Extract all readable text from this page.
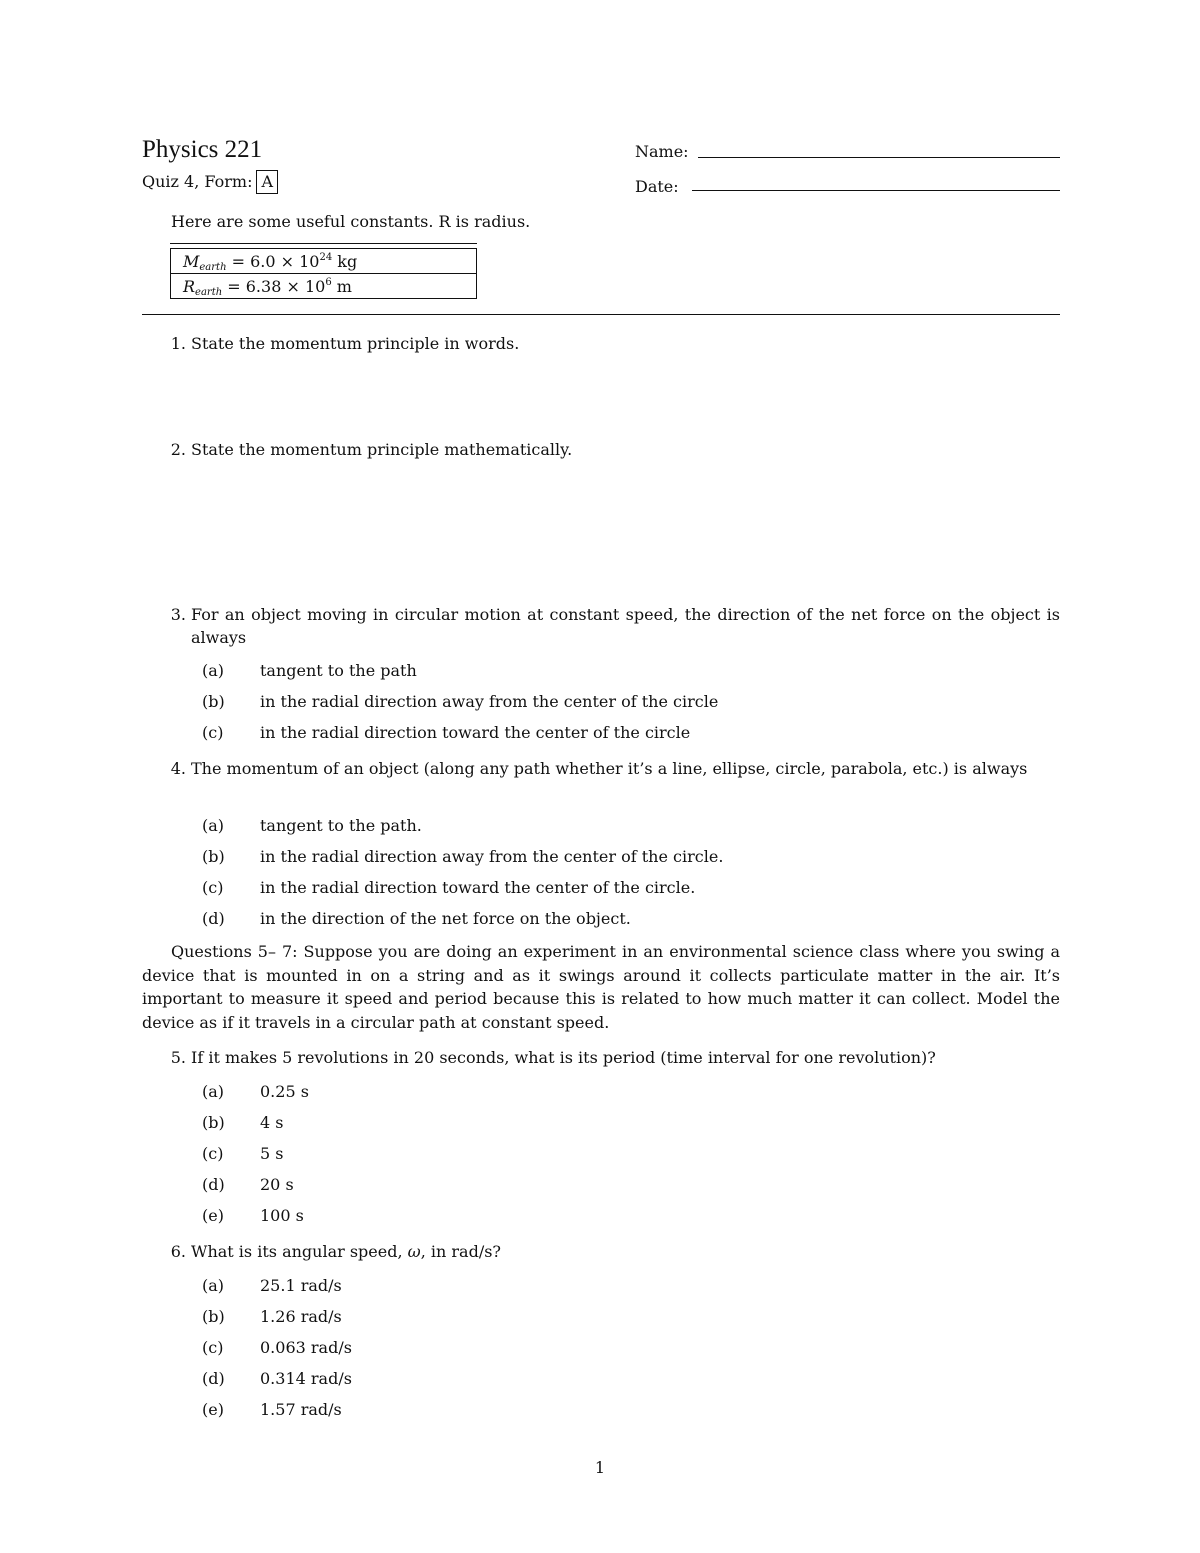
Physics 221
Quiz 4, Form: A
Name:
Date:
Here are some useful constants. R is radius.
$M_{earth} = 6.0 \times 10^{24}$ kg
$R_{earth} = 6.38 \times 10^6$ m
1. State the momentum principle in words.
2. State the momentum principle mathematically.
3. For an object moving in circular motion at constant speed, the direction of the net force on the object is always
(a) tangent to the path
(b) in the radial direction away from the center of the circle
(c) in the radial direction toward the center of the circle
4. The momentum of an object (along any path whether it’s a line, ellipse, circle, parabola, etc.) is always
(a) tangent to the path.
(b) in the radial direction away from the center of the circle.
(c) in the radial direction toward the center of the circle.
(d) in the direction of the net force on the object.
Questions 5– 7: Suppose you are doing an experiment in an environmental science class where you swing a device that is mounted in on a string and as it swings around it collects particulate matter in the air. It’s important to measure it speed and period because this is related to how much matter it can collect. Model the device as if it travels in a circular path at constant speed.
5. If it makes 5 revolutions in 20 seconds, what is its period (time interval for one revolution)?
(a) 0.25 s
(b) 4 s
(c) 5 s
(d) 20 s
(e) 100 s
6. What is its angular speed, ω, in rad/s?
(a) 25.1 rad/s
(b) 1.26 rad/s
(c) 0.063 rad/s
(d) 0.314 rad/s
(e) 1.57 rad/s
1
